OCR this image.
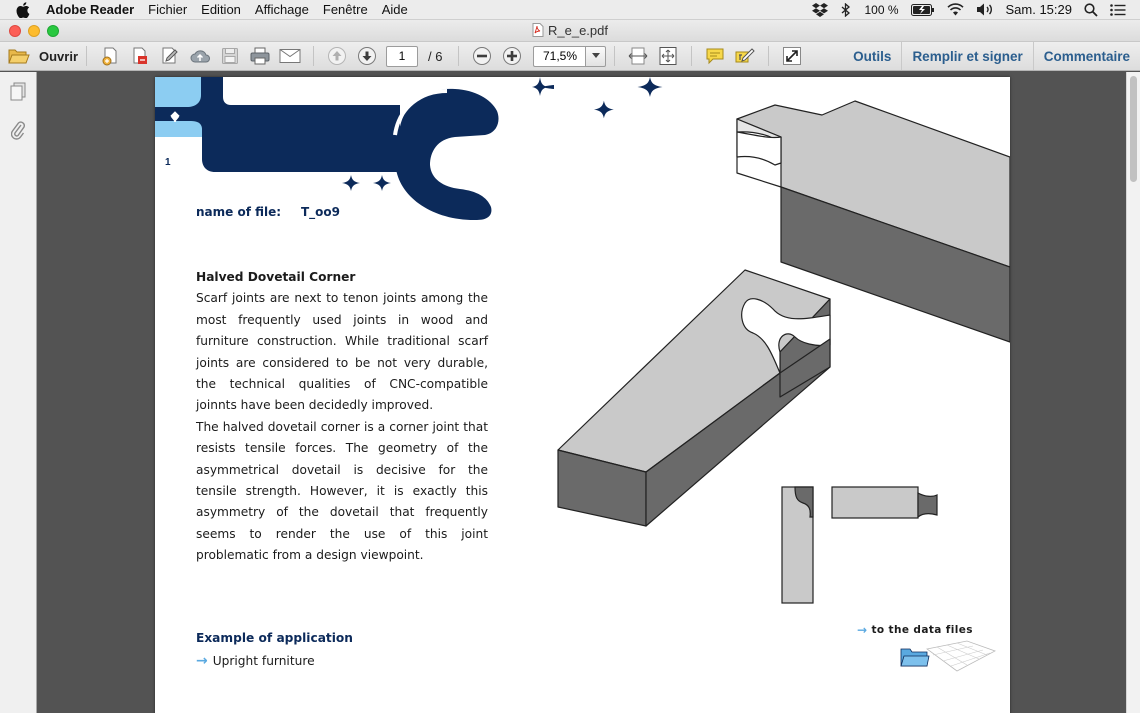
Adobe Reader Fichier Edition Affichage Fenêtre Aide	100 %	Sam. 15:29
R_e_e.pdf
Ouvrir	1	/ 6	71,5%	Outils	Remplir et signer	Commentaire
1
name of file: T_oo9
Halved Dovetail Corner

Scarf joints are next to tenon joints among the most frequently used joints in wood and furniture construction. While traditional scarf joints are considered to be not very durable, the technical qualities of CNC-compatible joinnts have been decidedly improved.

The halved dovetail corner is a corner joint that resists tensile forces. The geometry of the asymmetrical dovetail is decisive for the tensile strength. However, it is exactly this asymmetry of the dovetail that frequently seems to render the use of this joint problematic from a design viewpoint.

Example of application
→ Upright furniture
→ to the data files
